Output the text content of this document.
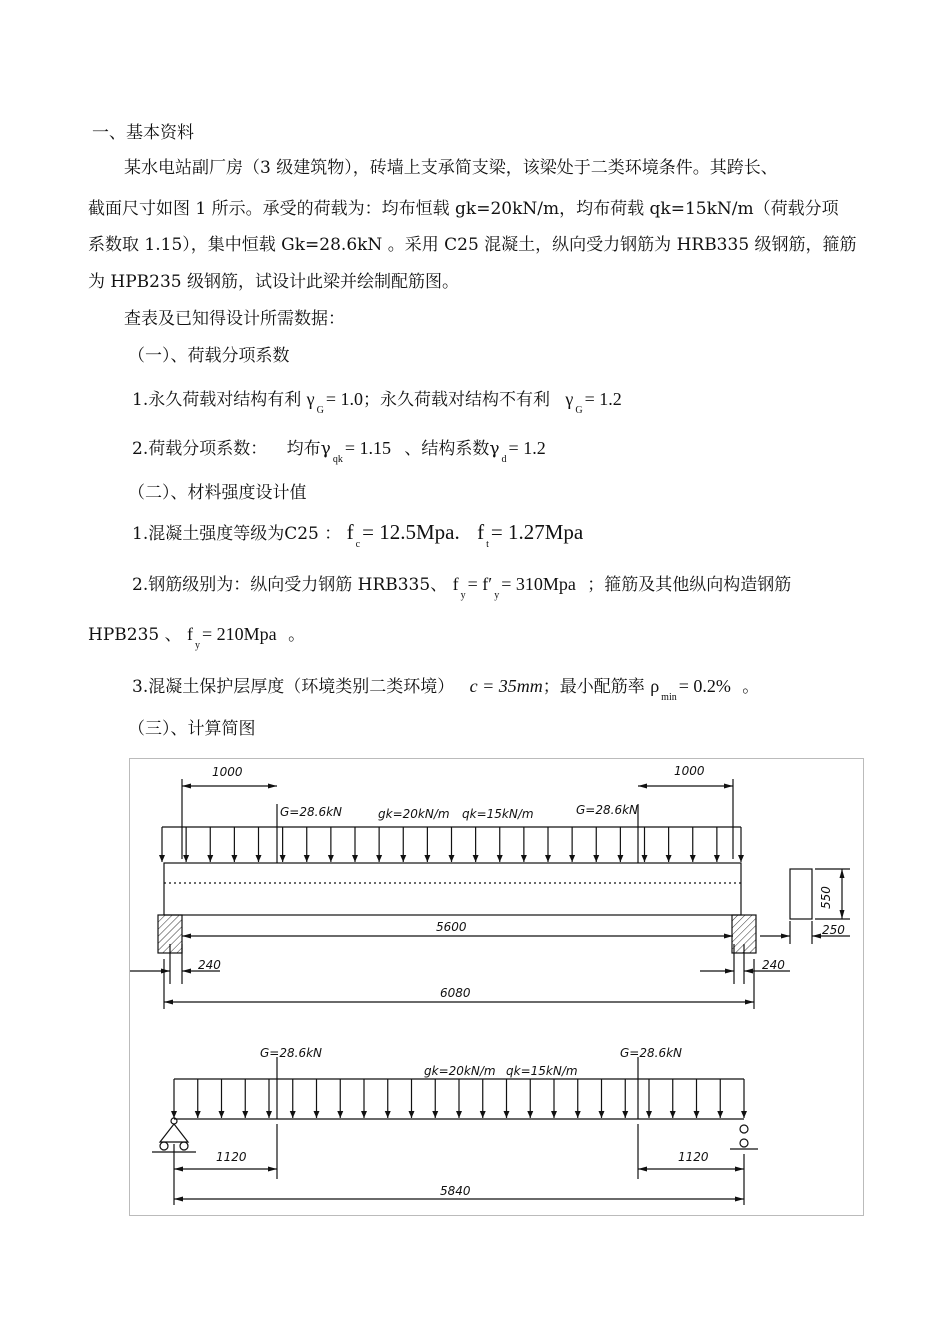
一、基本资料
某水电站副厂房（3 级建筑物），砖墙上支承简支梁，该梁处于二类环境条件。其跨长、
截面尺寸如图 1 所示。承受的荷载为：均布恒载 gk=20kN/m，均布荷载 qk=15kN/m（荷载分项
系数取 1.15），集中恒载 Gk=28.6kN 。采用 C25 混凝土，纵向受力钢筋为 HRB335 级钢筋，箍筋
为 HPB235 级钢筋，试设计此梁并绘制配筋图。
查表及已知得设计所需数据：
（一）、荷载分项系数
1.永久荷载对结构有利 $\gamma_G= 1.0$；永久荷载对结构不有利 $\gamma_G= 1.2$
2.荷载分项系数： 均布$\gamma_{qk}= 1.15$ 、结构系数$\gamma_d= 1.2$
（二）、材料强度设计值
1.混凝土强度等级为C25 ： $f_c= 12.5Mpa$. $f_t= 1.27Mpa$
2.钢筋级别为：纵向受力钢筋 HRB335、 $f_y= f'_y= 310Mpa$ ；箍筋及其他纵向构造钢筋
HPB235 、 $f_y= 210Mpa$ 。
3.混凝土保护层厚度（环境类别二类环境） c = 35mm；最小配筋率 $\rho_{min}= 0.2\%$ 。
（三）、计算简图
1000	1000
G=28.6kN	G=28.6kN
gk=20kN/m qk=15kN/m
5600
6080
240	240
550
250
G=28.6kN	G=28.6kN
gk=20kN/m qk=15kN/m
1120	1120
5840
